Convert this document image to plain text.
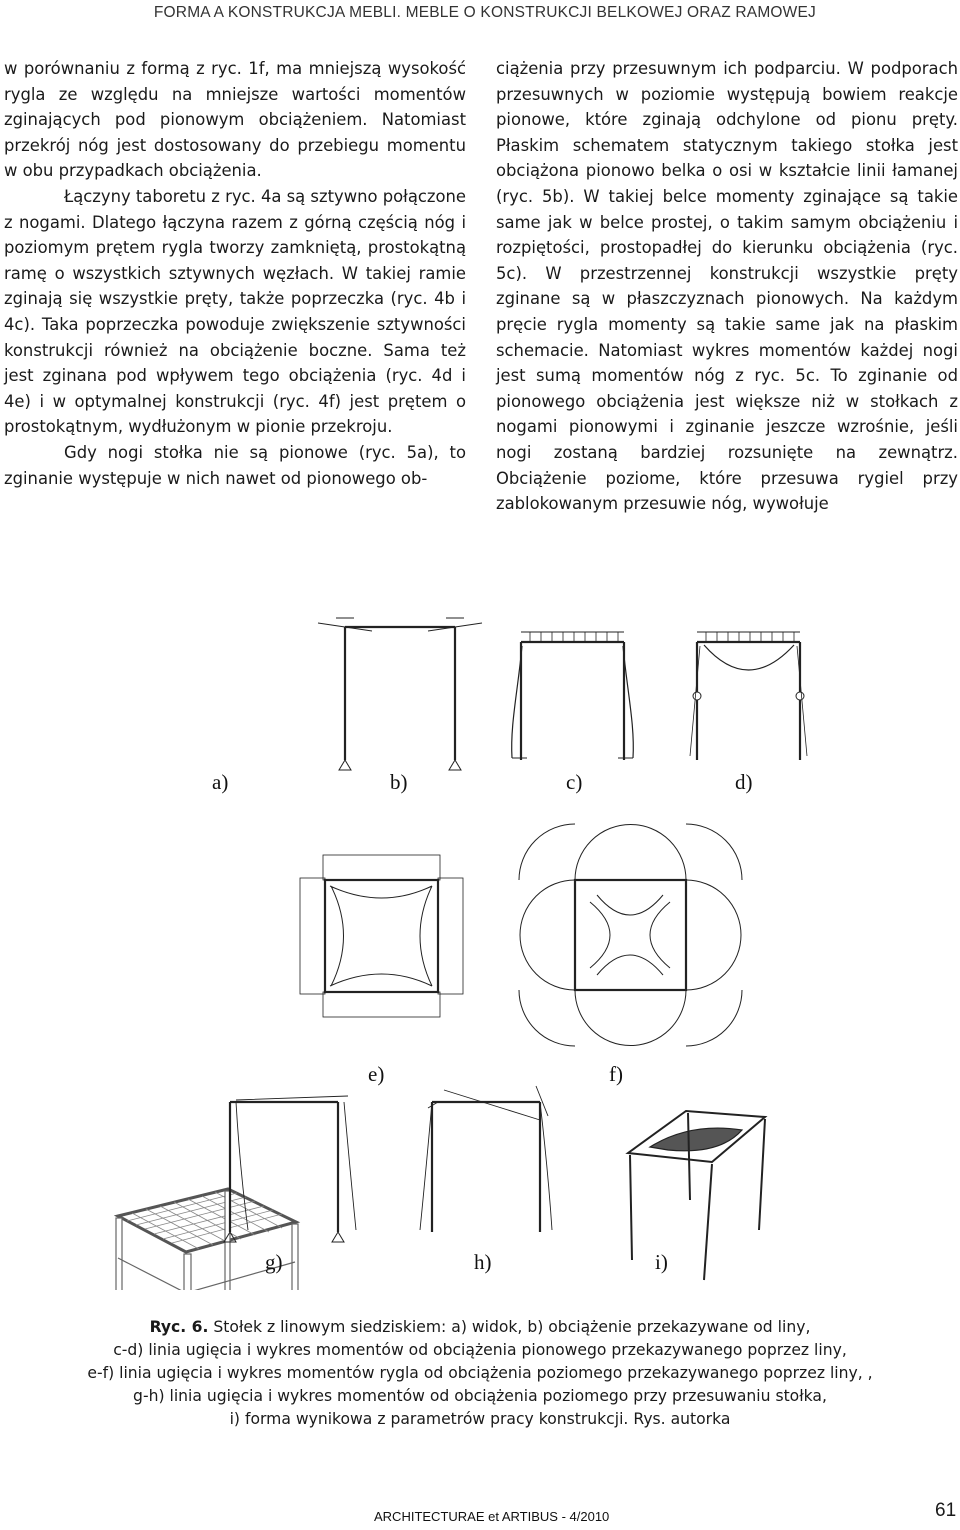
FORMA A KONSTRUKCJA MEBLI. MEBLE O KONSTRUKCJI BELKOWEJ ORAZ RAMOWEJ

w porównaniu z formą z ryc. 1f, ma mniejszą wysokość rygla ze względu na mniejsze wartości momentów zginających pod pionowym obciążeniem. Natomiast przekrój nóg jest dostosowany do przebiegu momentu w obu przypadkach obciążenia.

Łączyny taboretu z ryc. 4a są sztywno połączone z nogami. Dlatego łączyna razem z górną częścią nóg i poziomym prętem rygla tworzy zamkniętą, prostokątną ramę o wszystkich sztywnych węzłach. W takiej ramie zginają się wszystkie pręty, także poprzeczka (ryc. 4b i 4c). Taka poprzeczka powoduje zwiększenie sztywności konstrukcji również na obciążenie boczne. Sama też jest zginana pod wpływem tego obciążenia (ryc. 4d i 4e) i w optymalnej konstrukcji (ryc. 4f) jest prętem o prostokątnym, wydłużonym w pionie przekroju.

Gdy nogi stołka nie są pionowe (ryc. 5a), to zginanie występuje w nich nawet od pionowego ob-

ciążenia przy przesuwnym ich podparciu. W podporach przesuwnych w poziomie występują bowiem reakcje pionowe, które zginają odchylone od pionu pręty. Płaskim schematem statycznym takiego stołka jest obciążona pionowo belka o osi w kształcie linii łamanej (ryc. 5b). W takiej belce momenty zginające są takie same jak w belce prostej, o takim samym obciążeniu i rozpiętości, prostopadłej do kierunku obciążenia (ryc. 5c). W przestrzennej konstrukcji wszystkie pręty zginane są w płaszczyznach pionowych. Na każdym pręcie rygla momenty są takie same jak na płaskim schemacie. Natomiast wykres momentów każdej nogi jest sumą momentów nóg z ryc. 5c. To zginanie od pionowego obciążenia jest większe niż w stołkach z nogami pionowymi i zginanie jeszcze wzrośnie, jeśli nogi zostaną bardziej rozsunięte na zewnątrz. Obciążenie poziome, które przesuwa rygiel przy zablokowanym przesuwie nóg, wywołuje

a)	b)	c)	d)
e)	f)
g)	h)	i)

Ryc. 6. Stołek z linowym siedziskiem: a) widok, b) obciążenie przekazywane od liny,

c-d) linia ugięcia i wykres momentów od obciążenia pionowego przekazywanego poprzez liny,

e-f) linia ugięcia i wykres momentów rygla od obciążenia poziomego przekazywanego poprzez liny, ,

g-h) linia ugięcia i wykres momentów od obciążenia poziomego przy przesuwaniu stołka,

i) forma wynikowa z parametrów pracy konstrukcji. Rys. autorka

ARCHITECTURAE et ARTIBUS - 4/2010	61
